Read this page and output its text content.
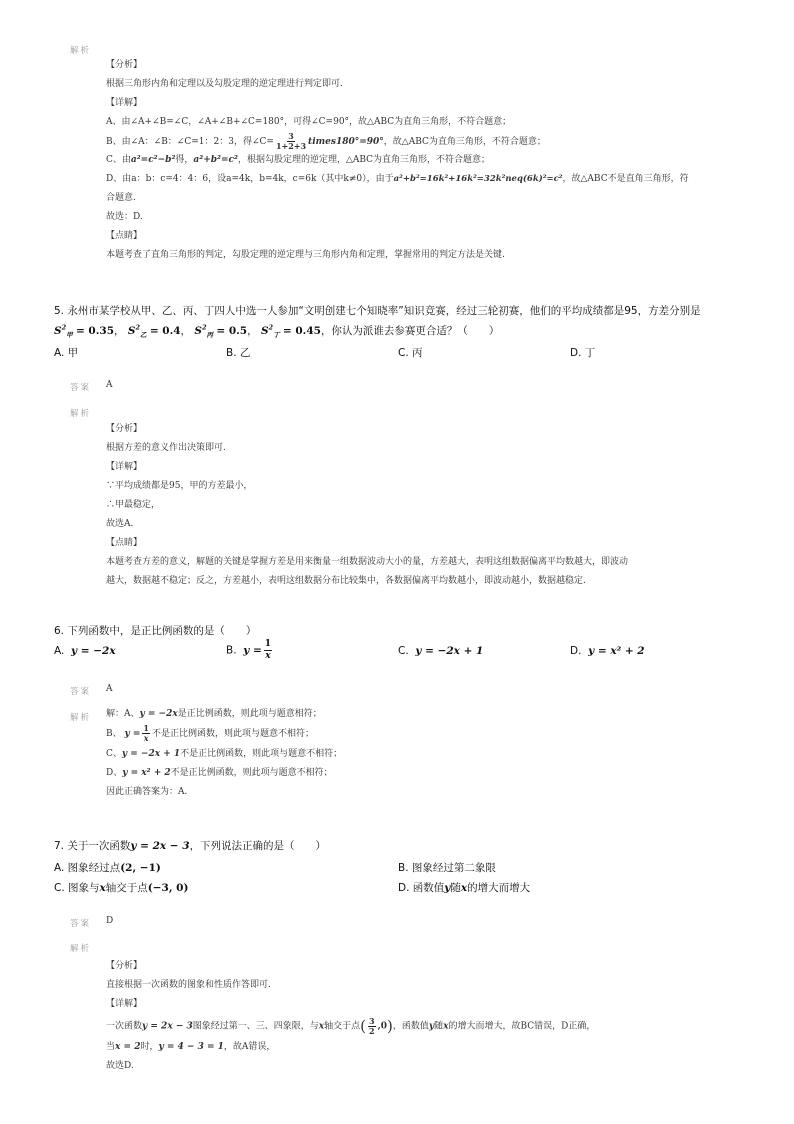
解析
【分析】
根据三角形内角和定理以及勾股定理的逆定理进行判定即可.
【详解】
A、由∠A+∠B=∠C，∠A+∠B+∠C=180°，可得∠C=90°，故△ABC为直角三角形，不符合题意；
B、由∠A：∠B：∠C=1：2：3，得∠C= $\frac{3}{1+2+3}$ times180°=90°，故△ABC为直角三角形，不符合题意；
C、由a²=c²−b²得，a²+b²=c²，根据勾股定理的逆定理，△ABC为直角三角形，不符合题意；
D、由a：b：c=4：4：6，设a=4k，b=4k，c=6k（其中k≠0），由于a²+b²=16k²+16k²=32k²neq(6k)²=c²，故△ABC不是直角三角形，符
合题意.
故选：D.
【点睛】
本题考查了直角三角形的判定，勾股定理的逆定理与三角形内角和定理，掌握常用的判定方法是关键.
5. 永州市某学校从甲、乙、丙、丁四人中选一人参加“文明创建七个知晓率”知识竞赛，经过三轮初赛，他们的平均成绩都是95，方差分别是
$S^2_甲 = 0.35$， $S^2_乙 = 0.4$， $S^2_丙 = 0.5$， $S^2_丁 = 0.45$，你认为派谁去参赛更合适？（　　）
A. 甲	B. 乙	C. 丙	D. 丁
答案 A
解析
【分析】
根据方差的意义作出决策即可.
【详解】
∵平均成绩都是95，甲的方差最小，
∴甲最稳定，
故选A.
【点睛】
本题考查方差的意义，解题的关键是掌握方差是用来衡量一组数据波动大小的量，方差越大，表明这组数据偏离平均数越大，即波动
越大，数据越不稳定；反之，方差越小，表明这组数据分布比较集中，各数据偏离平均数越小，即波动越小，数据越稳定.
6. 下列函数中，是正比例函数的是（　　）
A. y = −2x	B. $y = \frac{1}{x}$	C. y = −2x + 1	D. y = x² + 2
答案 A
解析 解：A、y = −2x是正比例函数，则此项与题意相符；
B、 $y = \frac{1}{x}$ 不是正比例函数，则此项与题意不相符；
C、y = −2x + 1不是正比例函数，则此项与题意不相符；
D、y = x² + 2不是正比例函数，则此项与题意不相符；
因此正确答案为：A.
7. 关于一次函数y = 2x − 3，下列说法正确的是（　　）
A. 图象经过点(2, −1)	B. 图象经过第二象限
C. 图象与x轴交于点(−3, 0)	D. 函数值y随x的增大而增大
答案 D
解析
【分析】
直接根据一次函数的图象和性质作答即可.
【详解】
一次函数y = 2x − 3图象经过第一、三、四象限，与x轴交于点( $\frac{3}{2} ,0$)，函数值y随x的增大而增大，故BC错误，D正确，
当x = 2时，y = 4 − 3 = 1，故A错误，
故选D.
